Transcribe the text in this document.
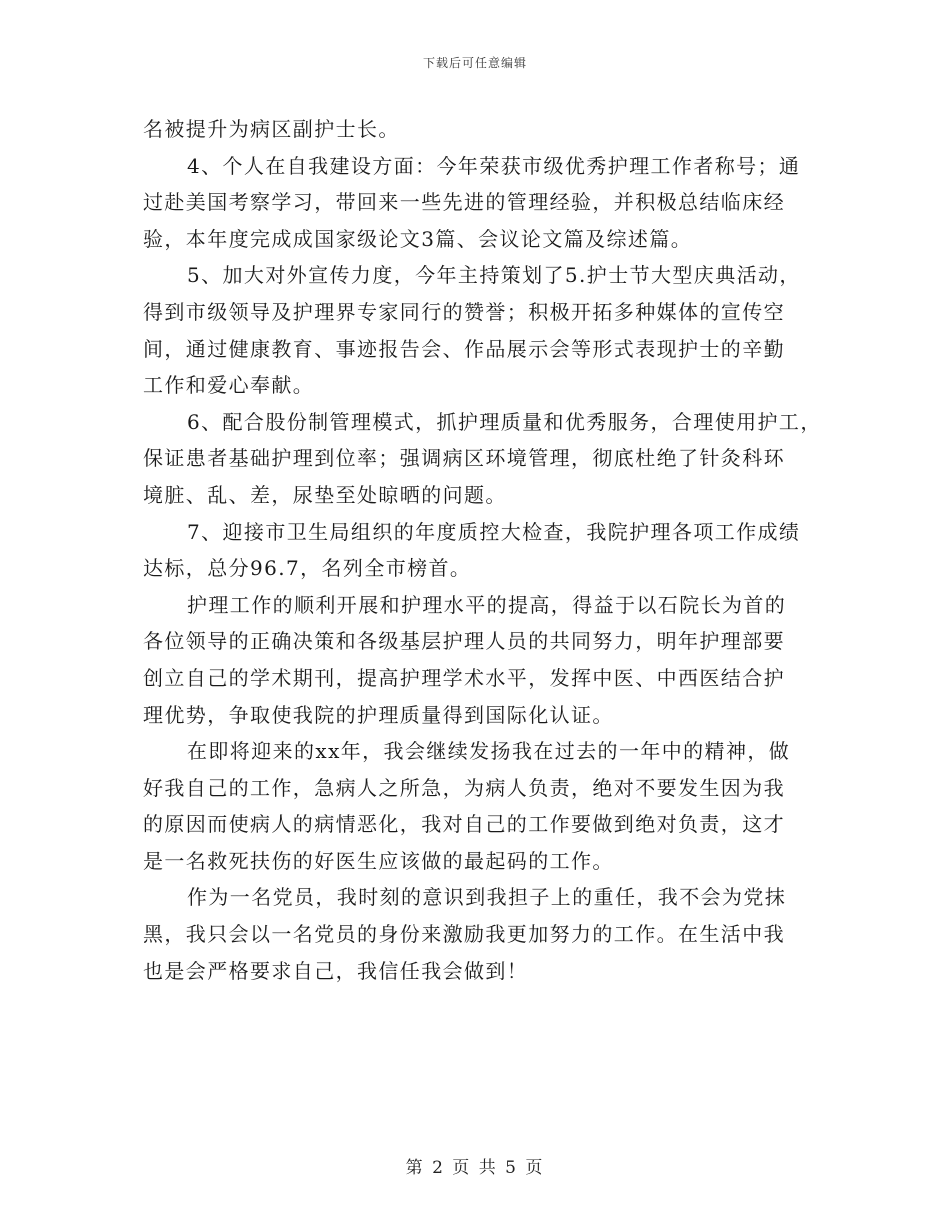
下载后可任意编辑
名被提升为病区副护士长。
4、个人在自我建设方面：今年荣获市级优秀护理工作者称号；通
过赴美国考察学习，带回来一些先进的管理经验，并积极总结临床经
验，本年度完成成国家级论文3篇、会议论文篇及综述篇。
5、加大对外宣传力度，今年主持策划了5.护士节大型庆典活动，
得到市级领导及护理界专家同行的赞誉；积极开拓多种媒体的宣传空
间，通过健康教育、事迹报告会、作品展示会等形式表现护士的辛勤
工作和爱心奉献。
6、配合股份制管理模式，抓护理质量和优秀服务，合理使用护工，
保证患者基础护理到位率；强调病区环境管理，彻底杜绝了针灸科环
境脏、乱、差，尿垫至处晾晒的问题。
7、迎接市卫生局组织的年度质控大检查，我院护理各项工作成绩
达标，总分96.7，名列全市榜首。
护理工作的顺利开展和护理水平的提高，得益于以石院长为首的
各位领导的正确决策和各级基层护理人员的共同努力，明年护理部要
创立自己的学术期刊，提高护理学术水平，发挥中医、中西医结合护
理优势，争取使我院的护理质量得到国际化认证。
在即将迎来的xx年，我会继续发扬我在过去的一年中的精神，做
好我自己的工作，急病人之所急，为病人负责，绝对不要发生因为我
的原因而使病人的病情恶化，我对自己的工作要做到绝对负责，这才
是一名救死扶伤的好医生应该做的最起码的工作。
作为一名党员，我时刻的意识到我担子上的重任，我不会为党抹
黑，我只会以一名党员的身份来激励我更加努力的工作。在生活中我
也是会严格要求自己，我信任我会做到！
第 2 页 共 5 页
